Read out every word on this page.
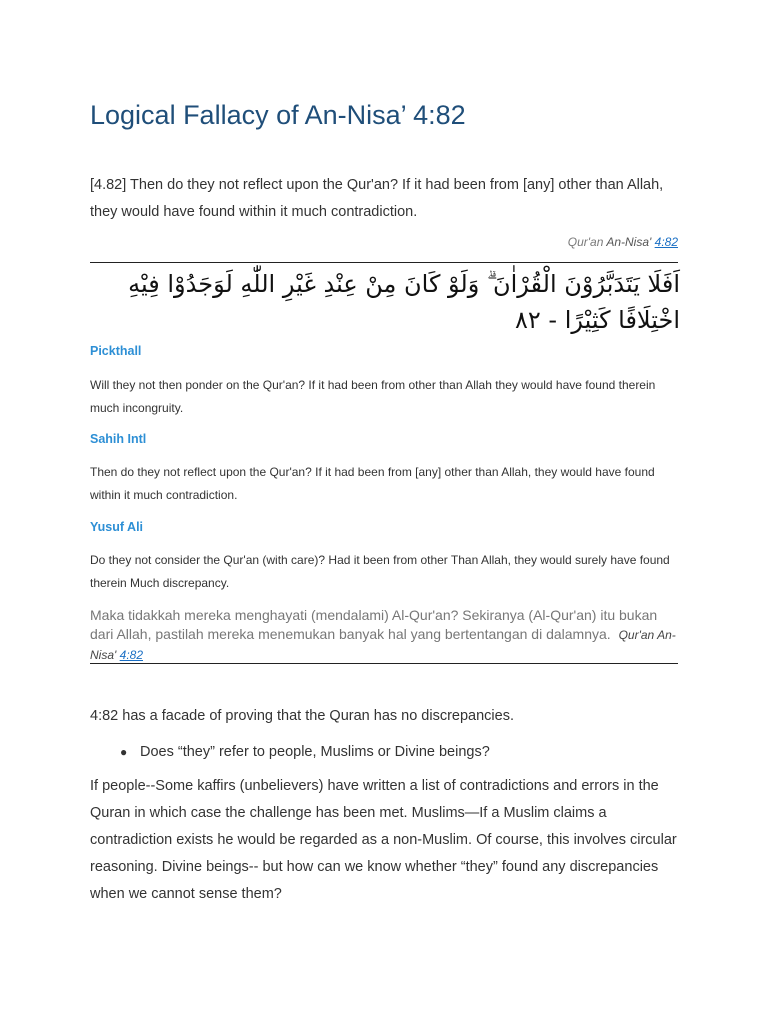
Logical Fallacy of An-Nisa’ 4:82

[4.82] Then do they not reflect upon the Qur'an? If it had been from [any] other than Allah, they would have found within it much contradiction.

Qur'an An-Nisa' 4:82

اَفَلَا يَتَدَبَّرُوْنَ الْقُرْاٰنَ ۗ وَلَوْ كَانَ مِنْ عِنْدِ غَيْرِ اللّٰهِ لَوَجَدُوْا فِيْهِ اخْتِلَافًا كَثِيْرًا - ٨٢

Pickthall

Will they not then ponder on the Qur'an? If it had been from other than Allah they would have found therein much incongruity.

Sahih Intl

Then do they not reflect upon the Qur'an? If it had been from [any] other than Allah, they would have found within it much contradiction.

Yusuf Ali

Do they not consider the Qur'an (with care)? Had it been from other Than Allah, they would surely have found therein Much discrepancy.

Maka tidakkah mereka menghayati (mendalami) Al-Qur'an? Sekiranya (Al-Qur'an) itu bukan dari Allah, pastilah mereka menemukan banyak hal yang bertentangan di dalamnya. Qur'an An-Nisa' 4:82

4:82 has a facade of proving that the Quran has no discrepancies.

● Does “they” refer to people, Muslims or Divine beings?

If people--Some kaffirs (unbelievers) have written a list of contradictions and errors in the Quran in which case the challenge has been met. Muslims—If a Muslim claims a contradiction exists he would be regarded as a non-Muslim. Of course, this involves circular reasoning. Divine beings-- but how can we know whether “they” found any discrepancies when we cannot sense them?
